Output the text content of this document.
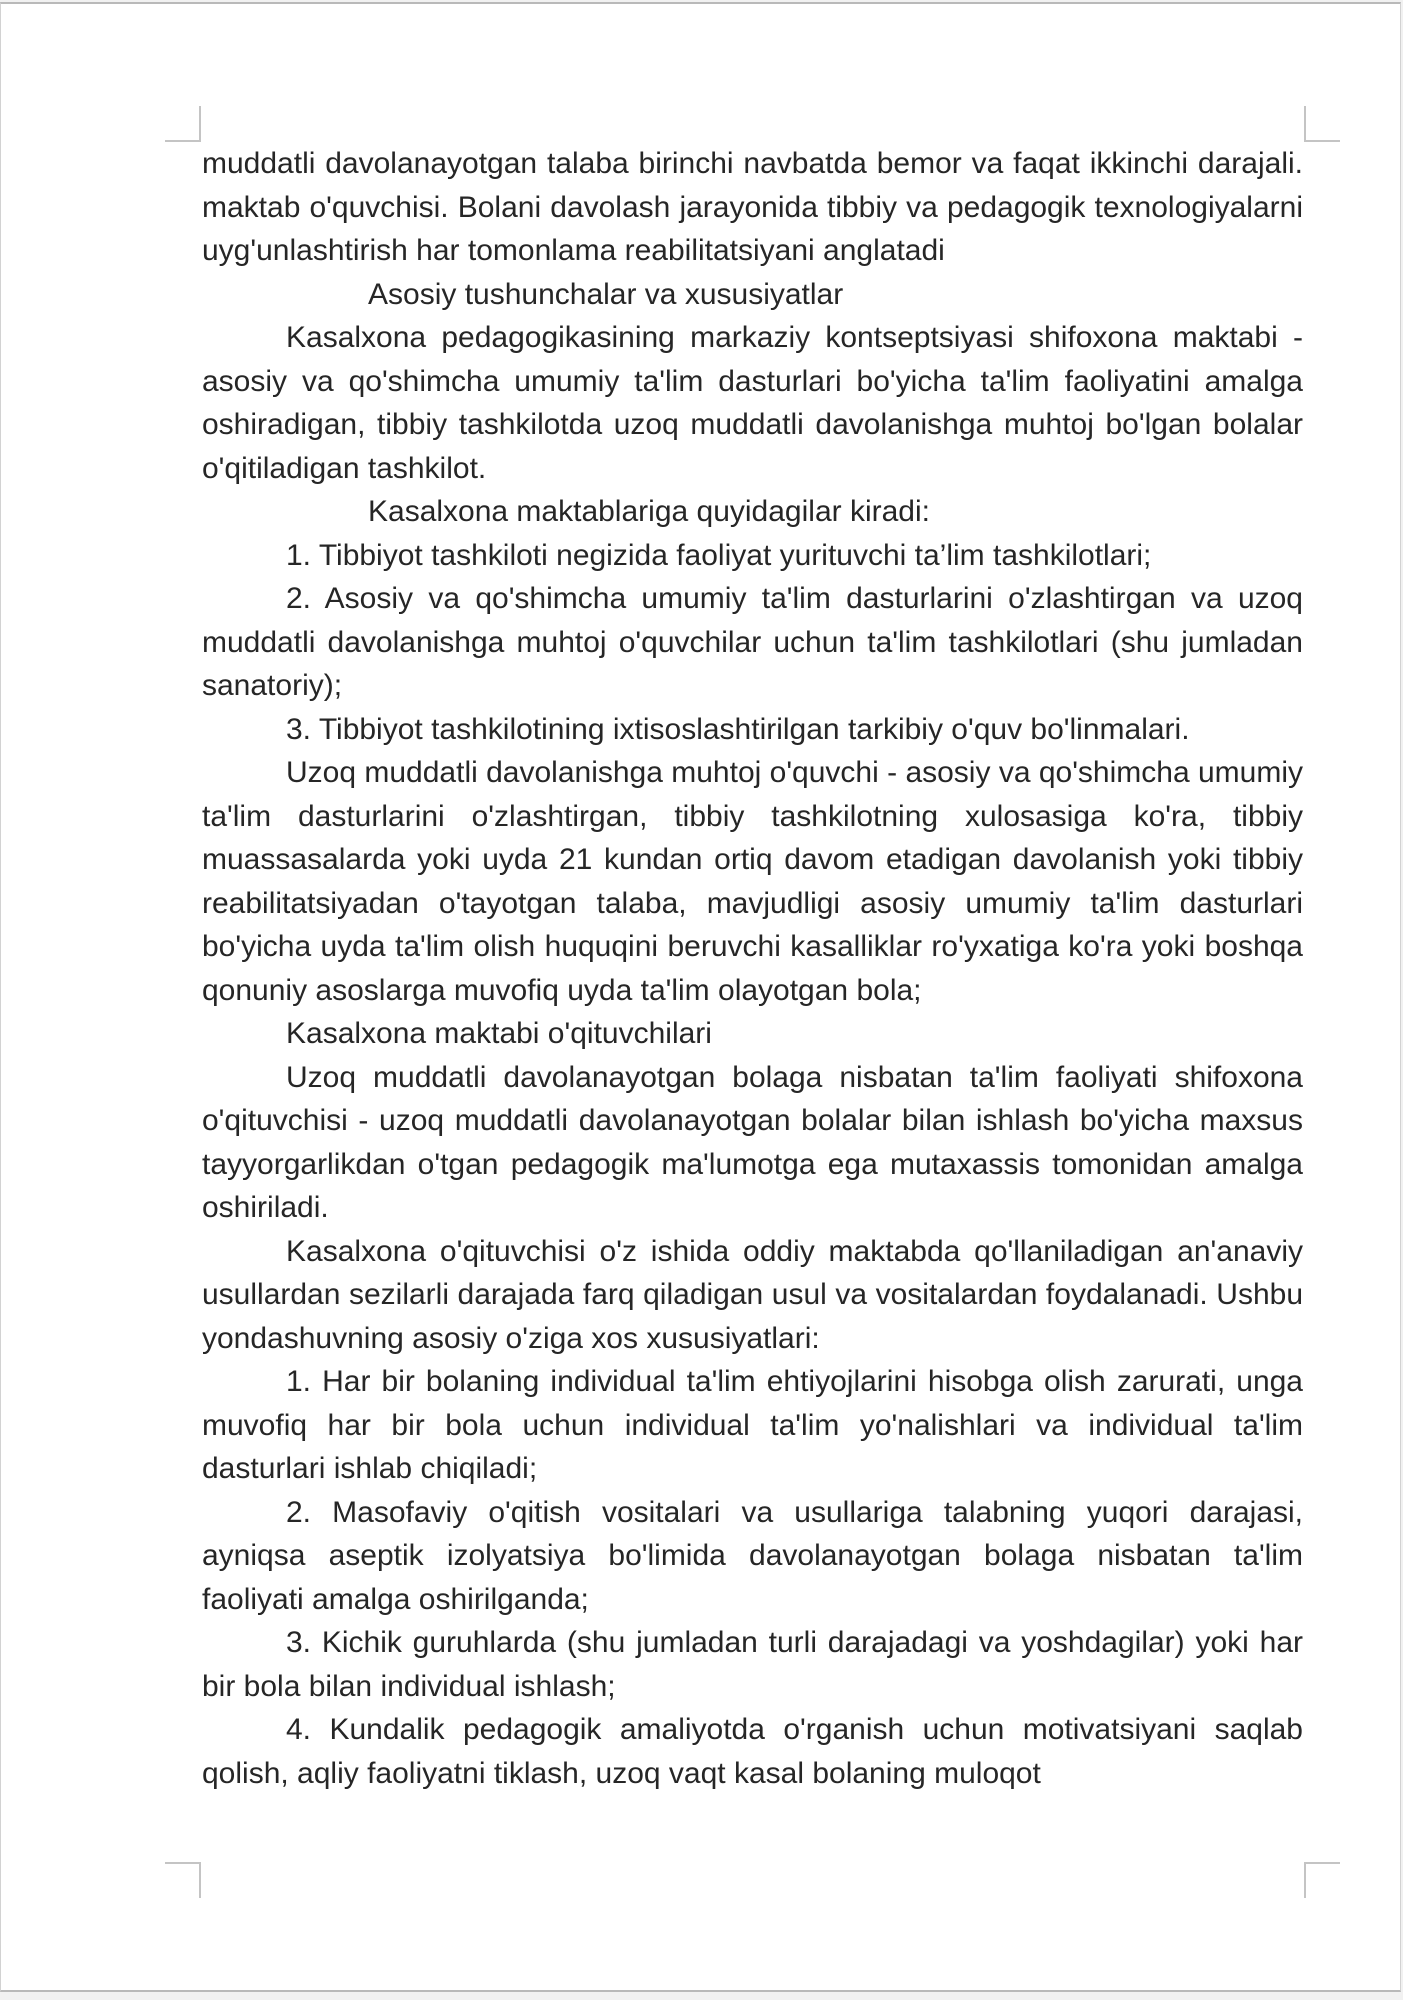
muddatli davolanayotgan talaba birinchi navbatda bemor va faqat ikkinchi darajali. maktab o'quvchisi. Bolani davolash jarayonida tibbiy va pedagogik texnologiyalarni uyg'unlashtirish har tomonlama reabilitatsiyani anglatadi

Asosiy tushunchalar va xususiyatlar

Kasalxona pedagogikasining markaziy kontseptsiyasi shifoxona maktabi - asosiy va qo'shimcha umumiy ta'lim dasturlari bo'yicha ta'lim faoliyatini amalga oshiradigan, tibbiy tashkilotda uzoq muddatli davolanishga muhtoj bo'lgan bolalar o'qitiladigan tashkilot.

Kasalxona maktablariga quyidagilar kiradi:

1. Tibbiyot tashkiloti negizida faoliyat yurituvchi ta’lim tashkilotlari;

2. Asosiy va qo'shimcha umumiy ta'lim dasturlarini o'zlashtirgan va uzoq muddatli davolanishga muhtoj o'quvchilar uchun ta'lim tashkilotlari (shu jumladan sanatoriy);

3. Tibbiyot tashkilotining ixtisoslashtirilgan tarkibiy o'quv bo'linmalari.

Uzoq muddatli davolanishga muhtoj o'quvchi - asosiy va qo'shimcha umumiy ta'lim dasturlarini o'zlashtirgan, tibbiy tashkilotning xulosasiga ko'ra, tibbiy muassasalarda yoki uyda 21 kundan ortiq davom etadigan davolanish yoki tibbiy reabilitatsiyadan o'tayotgan talaba, mavjudligi asosiy umumiy ta'lim dasturlari bo'yicha uyda ta'lim olish huquqini beruvchi kasalliklar ro'yxatiga ko'ra yoki boshqa qonuniy asoslarga muvofiq uyda ta'lim olayotgan bola;

Kasalxona maktabi o'qituvchilari

Uzoq muddatli davolanayotgan bolaga nisbatan ta'lim faoliyati shifoxona o'qituvchisi - uzoq muddatli davolanayotgan bolalar bilan ishlash bo'yicha maxsus tayyorgarlikdan o'tgan pedagogik ma'lumotga ega mutaxassis tomonidan amalga oshiriladi.

Kasalxona o'qituvchisi o'z ishida oddiy maktabda qo'llaniladigan an'anaviy usullardan sezilarli darajada farq qiladigan usul va vositalardan foydalanadi. Ushbu yondashuvning asosiy o'ziga xos xususiyatlari:

1. Har bir bolaning individual ta'lim ehtiyojlarini hisobga olish zarurati, unga muvofiq har bir bola uchun individual ta'lim yo'nalishlari va individual ta'lim dasturlari ishlab chiqiladi;

2. Masofaviy o'qitish vositalari va usullariga talabning yuqori darajasi, ayniqsa aseptik izolyatsiya bo'limida davolanayotgan bolaga nisbatan ta'lim faoliyati amalga oshirilganda;

3. Kichik guruhlarda (shu jumladan turli darajadagi va yoshdagilar) yoki har bir bola bilan individual ishlash;

4. Kundalik pedagogik amaliyotda o'rganish uchun motivatsiyani saqlab qolish, aqliy faoliyatni tiklash, uzoq vaqt kasal bolaning muloqot
